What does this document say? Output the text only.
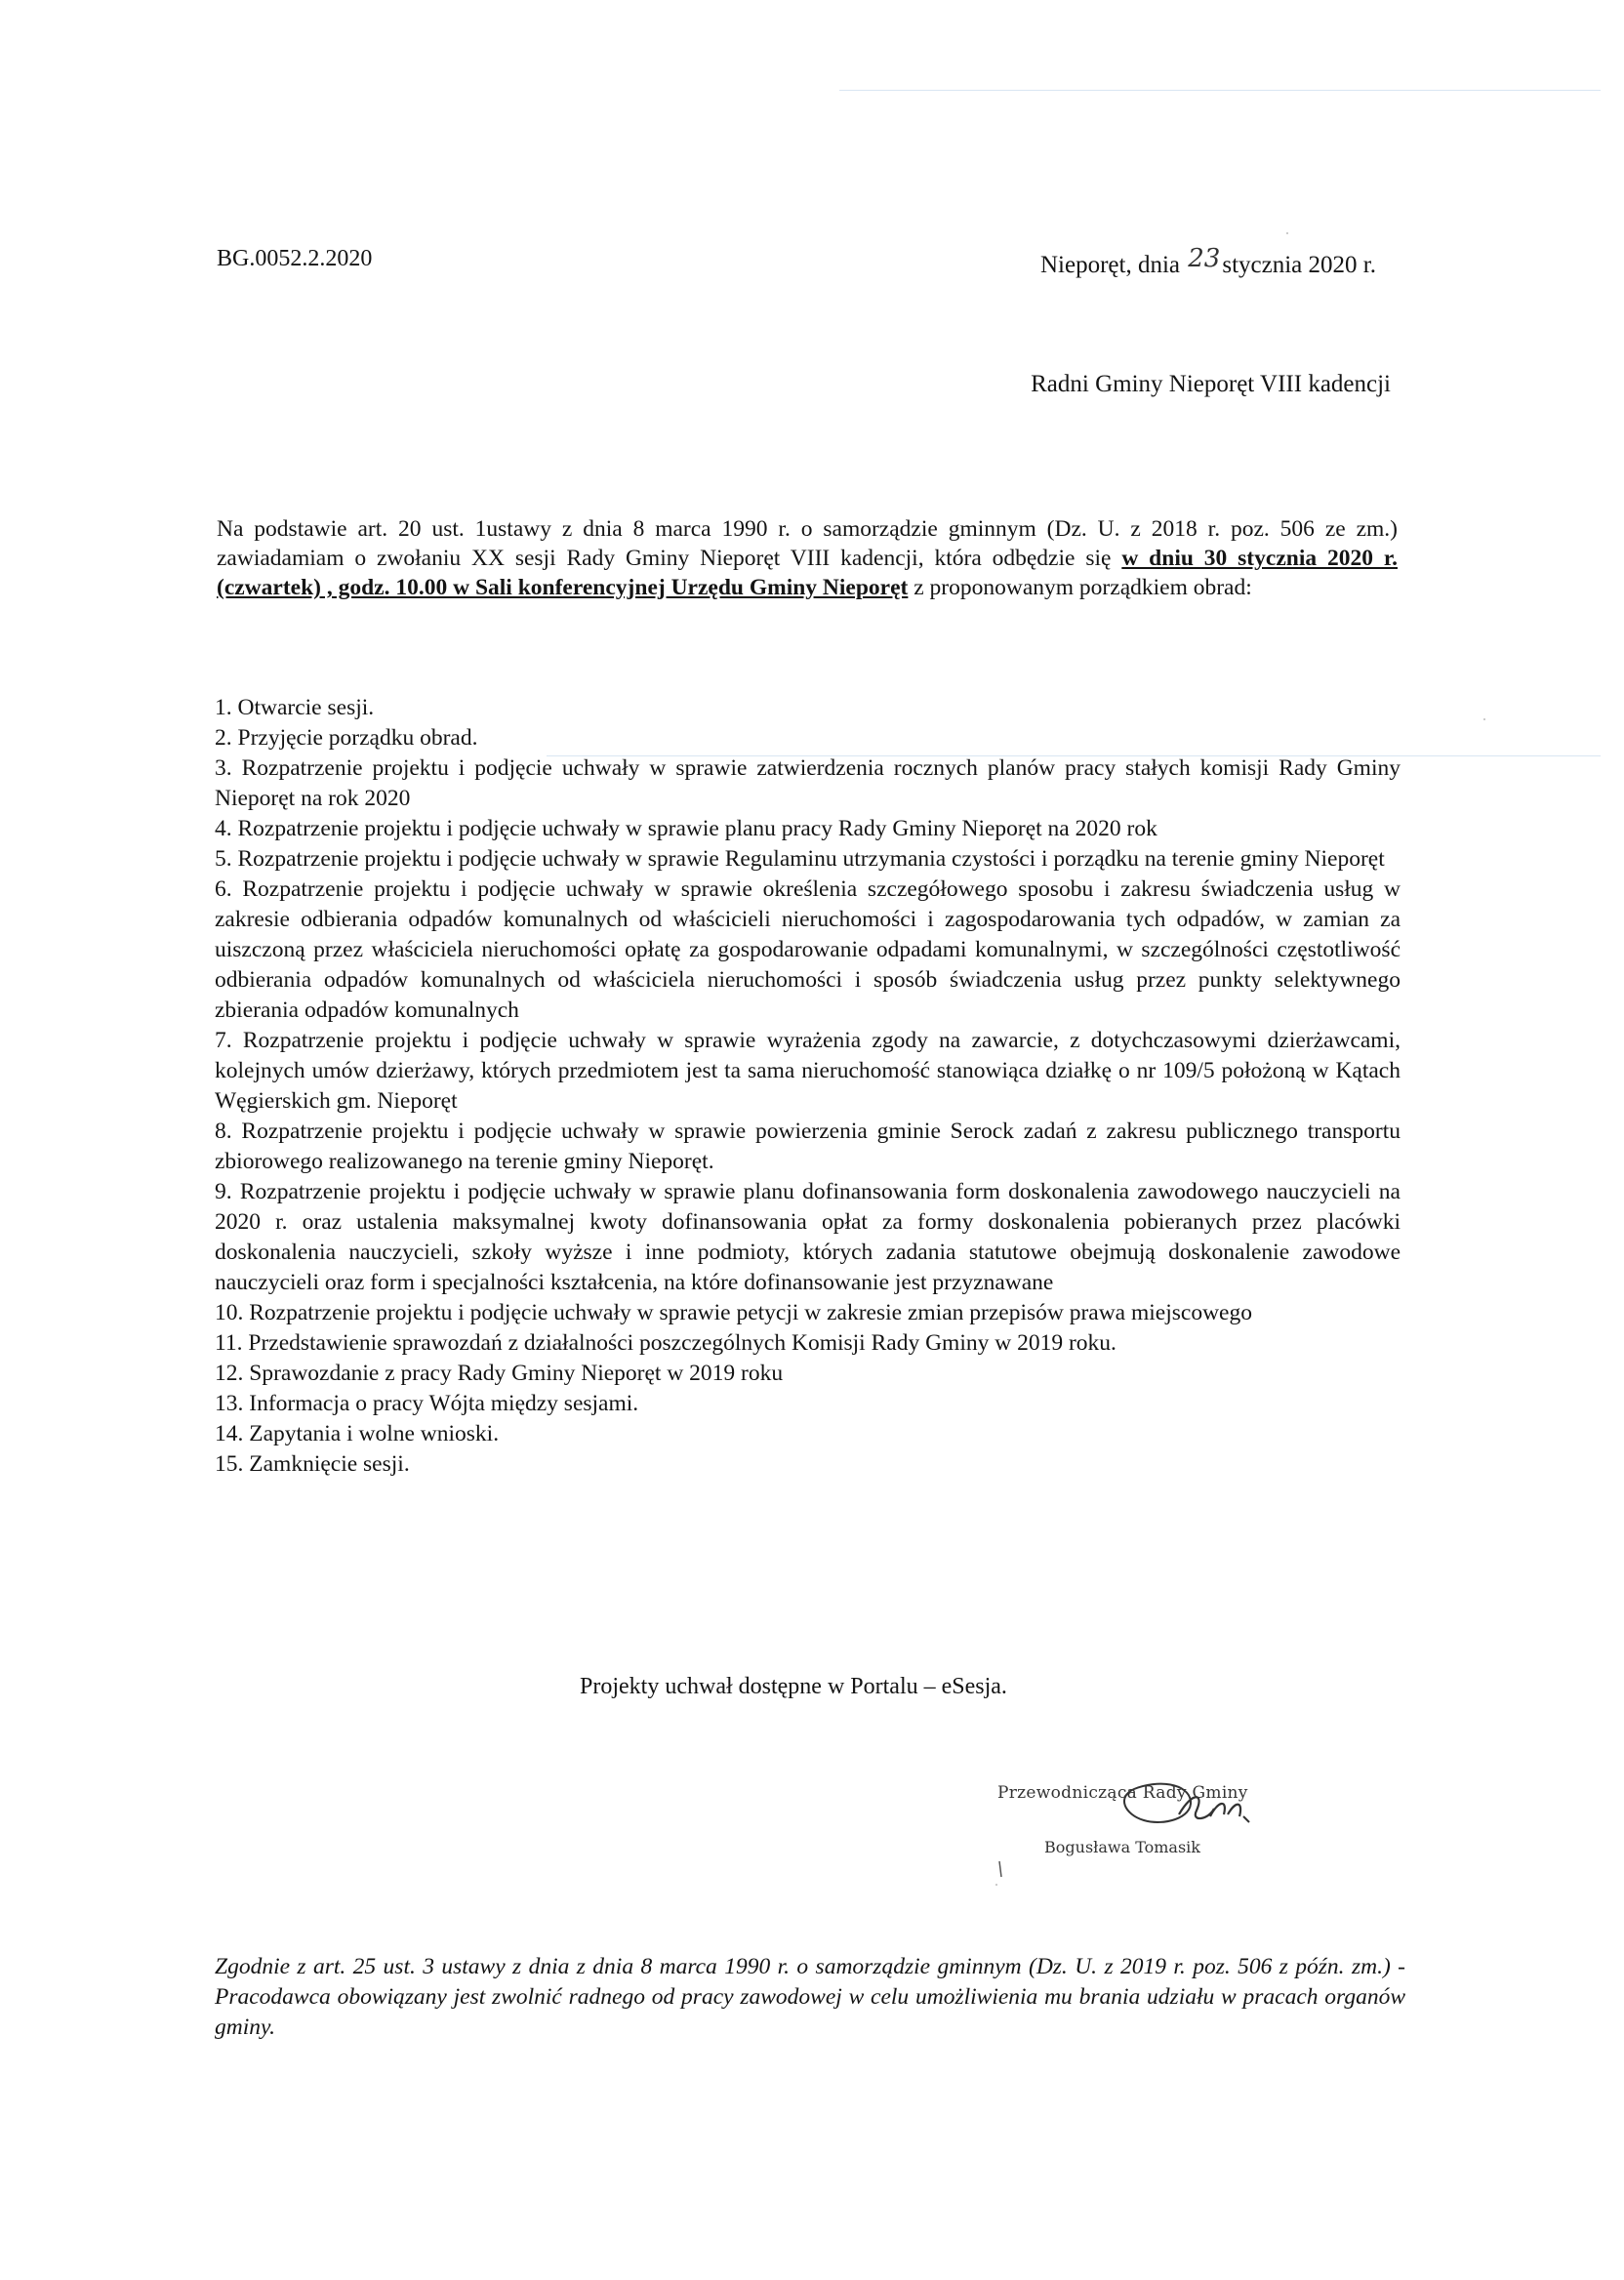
BG.0052.2.2020	Nieporęt, dnia 23stycznia 2020 r.
Radni Gminy Nieporęt VIII kadencji
Na podstawie art. 20 ust. 1ustawy z dnia 8 marca 1990 r. o samorządzie gminnym (Dz. U. z 2018 r. poz. 506 ze zm.) zawiadamiam o zwołaniu XX sesji Rady Gminy Nieporęt VIII kadencji, która odbędzie się w dniu 30 stycznia 2020 r. (czwartek) , godz. 10.00 w Sali konferencyjnej Urzędu Gminy Nieporęt z proponowanym porządkiem obrad:
1. Otwarcie sesji.
2. Przyjęcie porządku obrad.
3. Rozpatrzenie projektu i podjęcie uchwały w sprawie zatwierdzenia rocznych planów pracy stałych komisji Rady Gminy Nieporęt na rok 2020
4. Rozpatrzenie projektu i podjęcie uchwały w sprawie planu pracy Rady Gminy Nieporęt na 2020 rok
5. Rozpatrzenie projektu i podjęcie uchwały w sprawie Regulaminu utrzymania czystości i porządku na terenie gminy Nieporęt
6. Rozpatrzenie projektu i podjęcie uchwały w sprawie określenia szczegółowego sposobu i zakresu świadczenia usług w zakresie odbierania odpadów komunalnych od właścicieli nieruchomości i zagospodarowania tych odpadów, w zamian za uiszczoną przez właściciela nieruchomości opłatę za gospodarowanie odpadami komunalnymi, w szczególności częstotliwość odbierania odpadów komunalnych od właściciela nieruchomości i sposób świadczenia usług przez punkty selektywnego zbierania odpadów komunalnych
7. Rozpatrzenie projektu i podjęcie uchwały w sprawie wyrażenia zgody na zawarcie, z dotychczasowymi dzierżawcami, kolejnych umów dzierżawy, których przedmiotem jest ta sama nieruchomość stanowiąca działkę o nr 109/5 położoną w Kątach Węgierskich gm. Nieporęt
8. Rozpatrzenie projektu i podjęcie uchwały w sprawie powierzenia gminie Serock zadań z zakresu publicznego transportu zbiorowego realizowanego na terenie gminy Nieporęt.
9. Rozpatrzenie projektu i podjęcie uchwały w sprawie planu dofinansowania form doskonalenia zawodowego nauczycieli na 2020 r. oraz ustalenia maksymalnej kwoty dofinansowania opłat za formy doskonalenia pobieranych przez placówki doskonalenia nauczycieli, szkoły wyższe i inne podmioty, których zadania statutowe obejmują doskonalenie zawodowe nauczycieli oraz form i specjalności kształcenia, na które dofinansowanie jest przyznawane
10. Rozpatrzenie projektu i podjęcie uchwały w sprawie petycji w zakresie zmian przepisów prawa miejscowego
11. Przedstawienie sprawozdań z działalności poszczególnych Komisji Rady Gminy w 2019 roku.
12. Sprawozdanie z pracy Rady Gminy Nieporęt w 2019 roku
13. Informacja o pracy Wójta między sesjami.
14. Zapytania i wolne wnioski.
15. Zamknięcie sesji.
Projekty uchwał dostępne w Portalu – eSesja.
Przewodnicząca Rady Gminy
Bogusława Tomasik
Zgodnie z art. 25 ust. 3 ustawy z dnia z dnia 8 marca 1990 r. o samorządzie gminnym (Dz. U. z 2019 r. poz. 506 z późn. zm.) - Pracodawca obowiązany jest zwolnić radnego od pracy zawodowej w celu umożliwienia mu brania udziału w pracach organów gminy.
